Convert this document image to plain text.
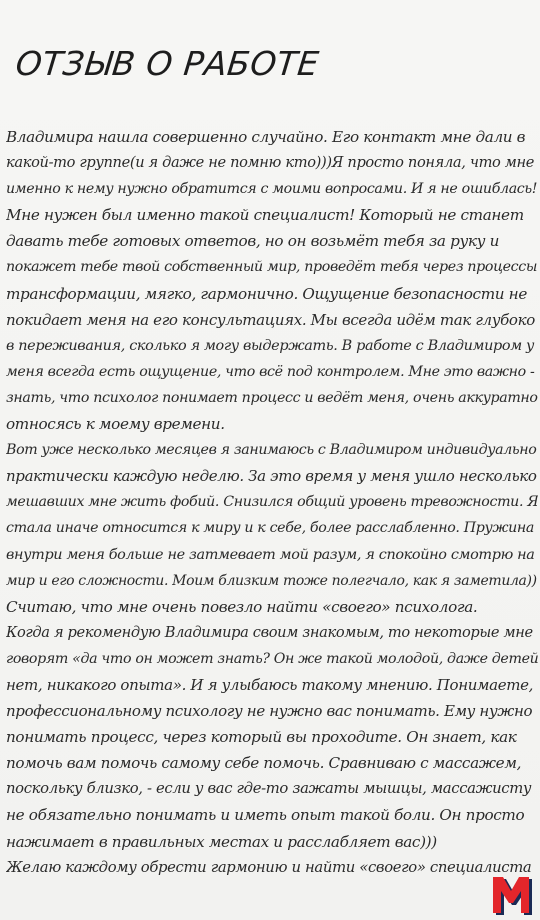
ОТЗЫВ О РАБОТЕ
Владимира нашла совершенно случайно. Его контакт мне дали в
какой-то группе(и я даже не помню кто)))Я просто поняла, что мне
именно к нему нужно обратится с моими вопросами. И я не ошиблась!
Мне нужен был именно такой специалист! Который не станет
давать тебе готовых ответов, но он возьмёт тебя за руку и
покажет тебе твой собственный мир, проведёт тебя через процессы
трансформации, мягко, гармонично. Ощущение безопасности не
покидает меня на его консультациях. Мы всегда идём так глубоко
в переживания, сколько я могу выдержать. В работе с Владимиром у
меня всегда есть ощущение, что всё под контролем. Мне это важно -
знать, что психолог понимает процесс и ведёт меня, очень аккуратно
относясь к моему времени.
Вот уже несколько месяцев я занимаюсь с Владимиром индивидуально
практически каждую неделю. За это время у меня ушло несколько
мешавших мне жить фобий. Снизился общий уровень тревожности. Я
стала иначе относится к миру и к себе, более расслабленно. Пружина
внутри меня больше не затмевает мой разум, я спокойно смотрю на
мир и его сложности. Моим близким тоже полегчало, как я заметила))
Считаю, что мне очень повезло найти «своего» психолога.
Когда я рекомендую Владимира своим знакомым, то некоторые мне
говорят «да что он может знать? Он же такой молодой, даже детей
нет, никакого опыта». И я улыбаюсь такому мнению. Понимаете,
профессиональному психологу не нужно вас понимать. Ему нужно
понимать процесс, через который вы проходите. Он знает, как
помочь вам помочь самому себе помочь. Сравниваю с массажем,
поскольку близко, - если у вас где-то зажаты мышцы, массажисту
не обязательно понимать и иметь опыт такой боли. Он просто
нажимает в правильных местах и расслабляет вас)))
Желаю каждому обрести гармонию и найти «своего» специалиста
